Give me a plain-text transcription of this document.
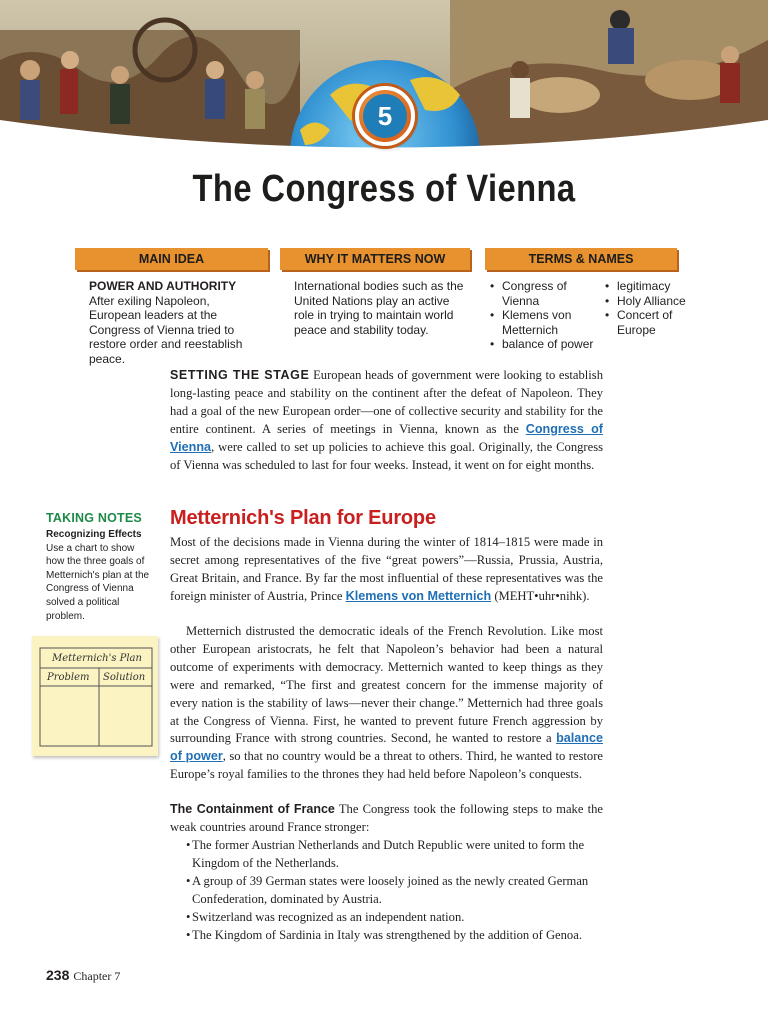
5
The Congress of Vienna
MAIN IDEA	WHY IT MATTERS NOW	TERMS & NAMES
POWER AND AUTHORITY After exiling Napoleon, European leaders at the Congress of Vienna tried to restore order and reestablish peace.
International bodies such as the United Nations play an active role in trying to maintain world peace and stability today.
• Congress of Vienna
• Klemens von Metternich
• balance of power
• legitimacy
• Holy Alliance
• Concert of Europe

SETTING THE STAGE European heads of government were looking to establish long-lasting peace and stability on the continent after the defeat of Napoleon. They had a goal of the new European order—one of collective security and stability for the entire continent. A series of meetings in Vienna, known as the Congress of Vienna, were called to set up policies to achieve this goal. Originally, the Congress of Vienna was scheduled to last for four weeks. Instead, it went on for eight months.

TAKING NOTES
Recognizing Effects
Use a chart to show how the three goals of Metternich's plan at the Congress of Vienna solved a political problem.
Metternich's Plan
Problem Solution
Metternich's Plan for Europe

Most of the decisions made in Vienna during the winter of 1814–1815 were made in secret among representatives of the five “great powers”—Russia, Prussia, Austria, Great Britain, and France. By far the most influential of these representatives was the foreign minister of Austria, Prince Klemens von Metternich (MEHT•uhr•nihk).

Metternich distrusted the democratic ideals of the French Revolution. Like most other European aristocrats, he felt that Napoleon’s behavior had been a natural outcome of experiments with democracy. Metternich wanted to keep things as they were and remarked, “The first and greatest concern for the immense majority of every nation is the stability of laws—never their change.” Metternich had three goals at the Congress of Vienna. First, he wanted to prevent future French aggression by surrounding France with strong countries. Second, he wanted to restore a balance of power, so that no country would be a threat to others. Third, he wanted to restore Europe’s royal families to the thrones they had held before Napoleon’s conquests.

The Containment of France The Congress took the following steps to make the weak countries around France stronger:

• The former Austrian Netherlands and Dutch Republic were united to form the Kingdom of the Netherlands.
• A group of 39 German states were loosely joined as the newly created German Confederation, dominated by Austria.
• Switzerland was recognized as an independent nation.
• The Kingdom of Sardinia in Italy was strengthened by the addition of Genoa.
238 Chapter 7
